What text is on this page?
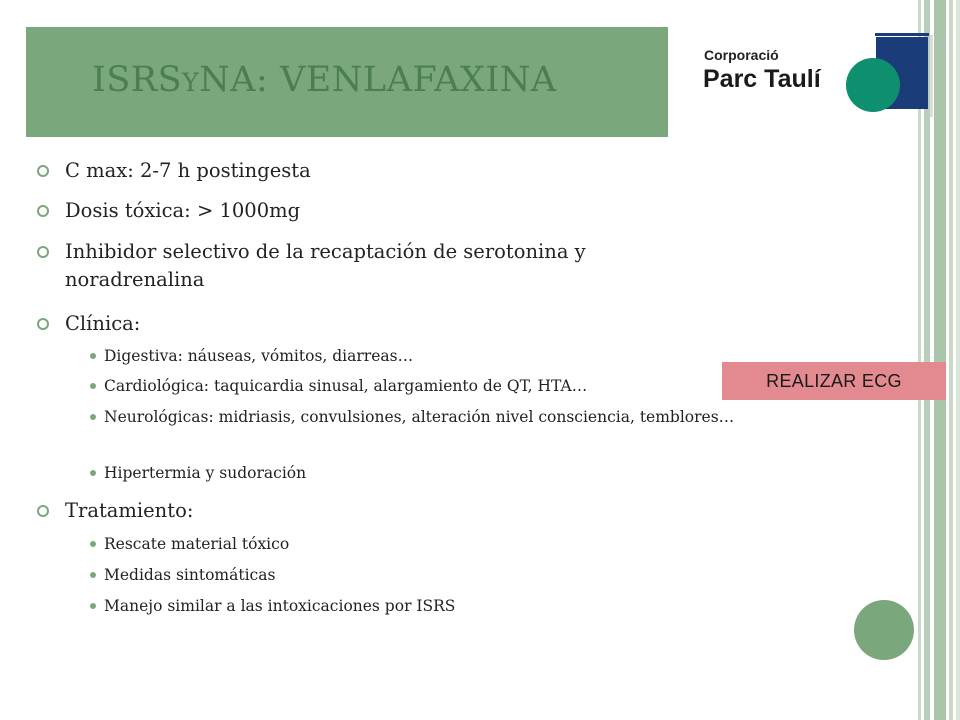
ISRSYNA: VENLAFAXINA
Corporació
Parc Taulí
C max: 2-7 h postingesta
Dosis tóxica: > 1000mg
Inhibidor selectivo de la recaptación de serotonina y noradrenalina
Clínica:
Digestiva: náuseas, vómitos, diarreas…
Cardiológica: taquicardia sinusal, alargamiento de QT, HTA…
Neurológicas: midriasis, convulsiones, alteración nivel consciencia, temblores…
Hipertermia y sudoración
Tratamiento:
Rescate material tóxico
Medidas sintomáticas
Manejo similar a las intoxicaciones por ISRS
REALIZAR ECG
